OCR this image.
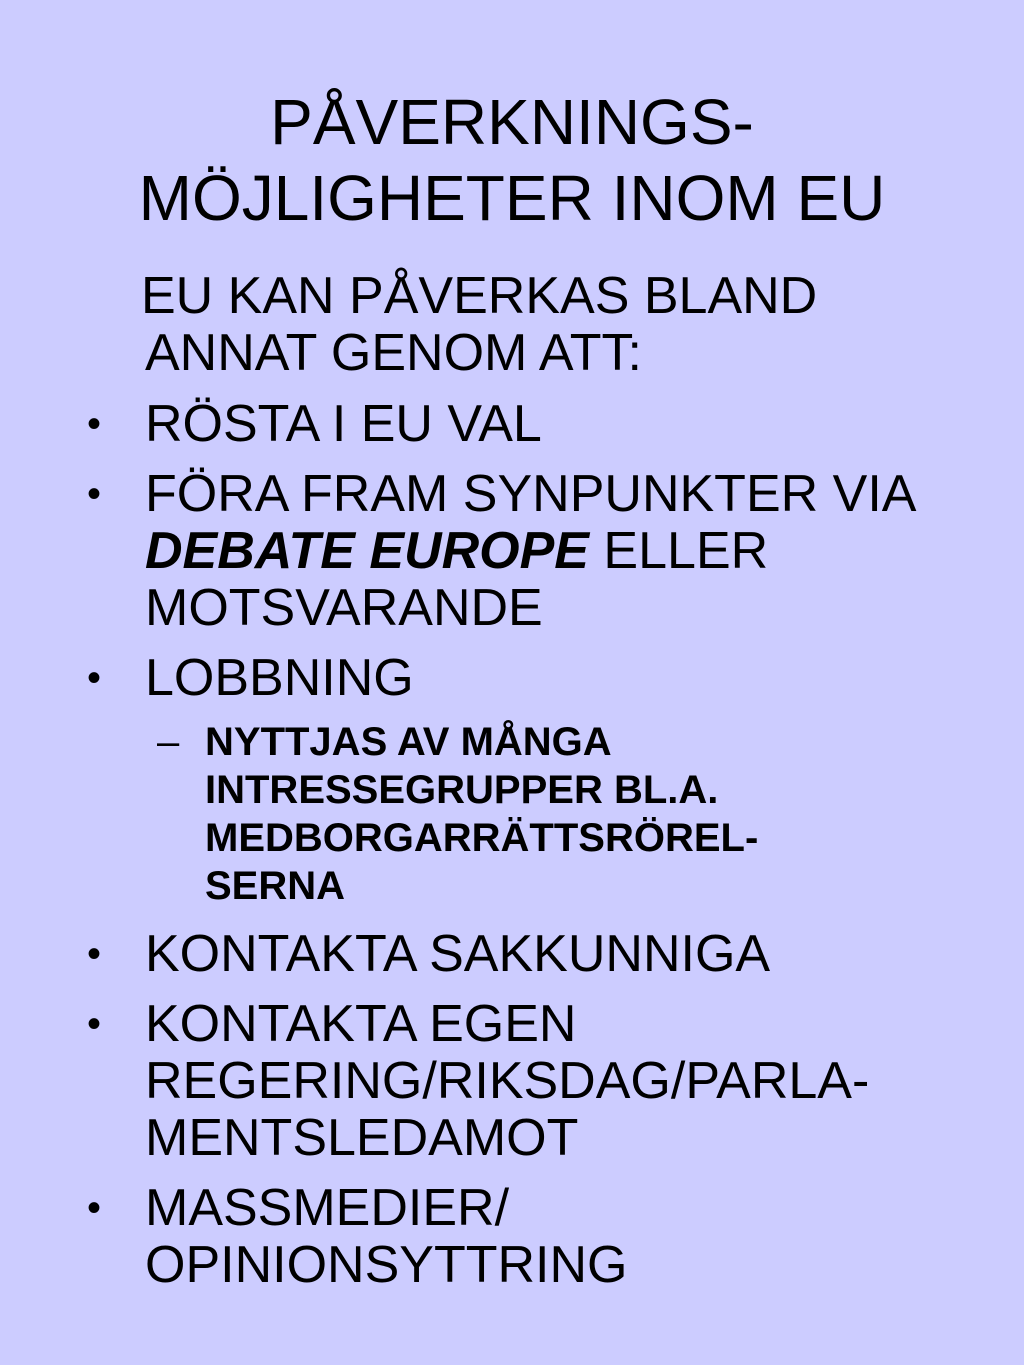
PÅVERKNINGS-
MÖJLIGHETER INOM EU
EU KAN PÅVERKAS BLAND
ANNAT GENOM ATT:
• RÖSTA I EU VAL
• FÖRA FRAM SYNPUNKTER VIA
DEBATE EUROPE ELLER
MOTSVARANDE
• LOBBNING
– NYTTJAS AV MÅNGA
INTRESSEGRUPPER BL.A.
MEDBORGARRÄTTSRÖREL-
SERNA
• KONTAKTA SAKKUNNIGA
• KONTAKTA EGEN
REGERING/RIKSDAG/PARLA-
MENTSLEDAMOT
• MASSMEDIER/
OPINIONSYTTRING
